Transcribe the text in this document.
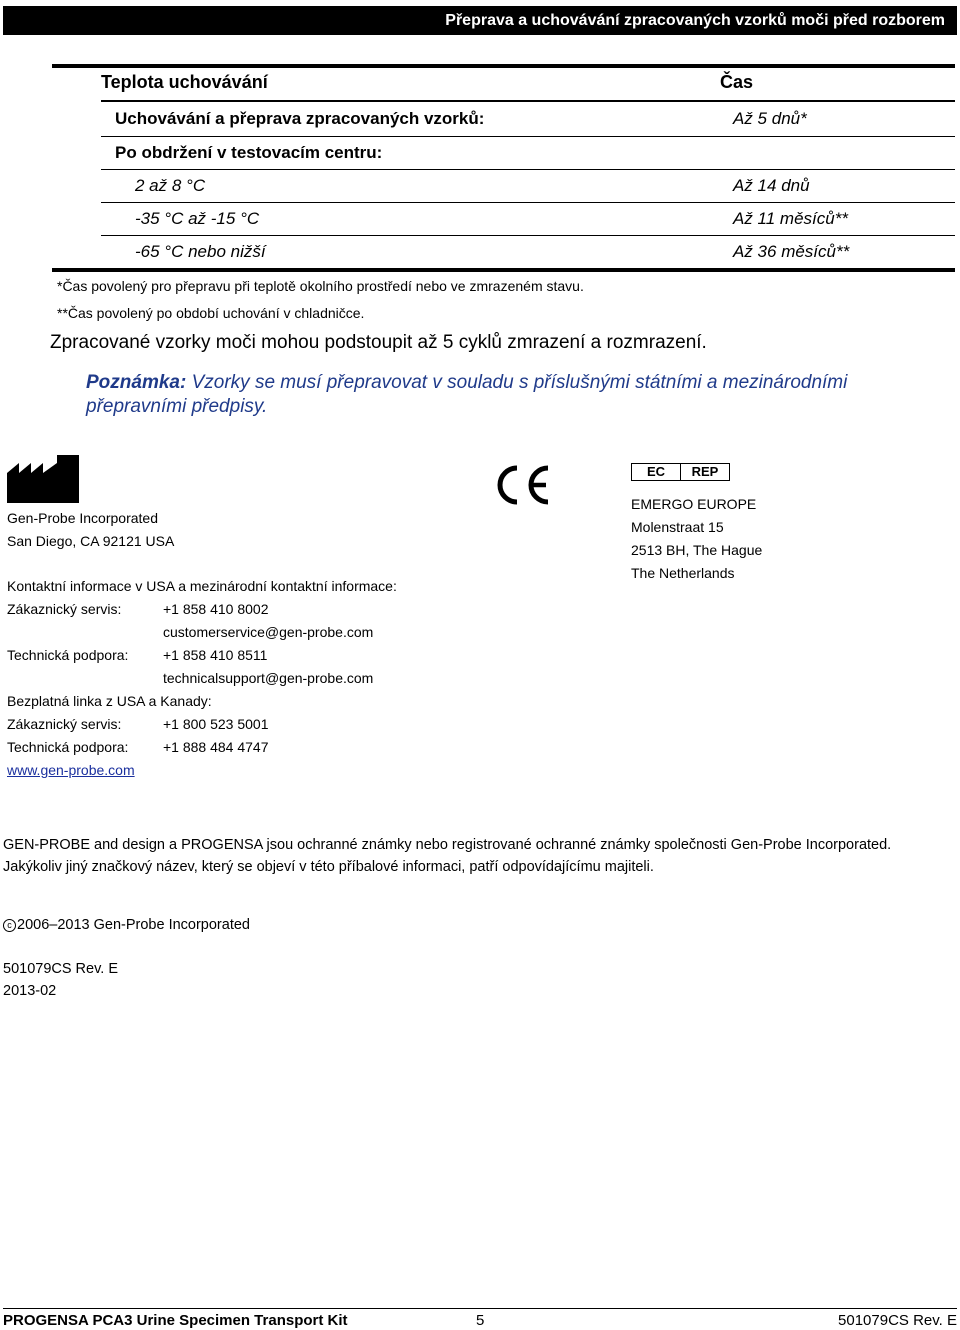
Přeprava a uchovávání zpracovaných vzorků moči před rozborem
Teplota uchovávání	Čas
Uchovávání a přeprava zpracovaných vzorků:	Až 5 dnů*
Po obdržení v testovacím centru:
2 až 8 °C	Až 14 dnů
-35 °C až -15 °C	Až 11 měsíců**
-65 °C nebo nižší	Až 36 měsíců**
*Čas povolený pro přepravu při teplotě okolního prostředí nebo ve zmrazeném stavu.
**Čas povolený po období uchování v chladničce.
Zpracované vzorky moči mohou podstoupit až 5 cyklů zmrazení a rozmrazení.
Poznámka: Vzorky se musí přepravovat v souladu s příslušnými státními a mezinárodními přepravními předpisy.
Gen-Probe Incorporated
San Diego, CA 92121 USA
Kontaktní informace v USA a mezinárodní kontaktní informace:
Zákaznický servis:	+1 858 410 8002
customerservice@gen-probe.com
Technická podpora: +1 858 410 8511
technicalsupport@gen-probe.com
Bezplatná linka z USA a Kanady:
Zákaznický servis:	+1 800 523 5001
Technická podpora: +1 888 484 4747
www.gen-probe.com
EC	REP
EMERGO EUROPE
Molenstraat 15
2513 BH, The Hague
The Netherlands
GEN-PROBE and design a PROGENSA jsou ochranné známky nebo registrované ochranné známky společnosti Gen-Probe Incorporated.
Jakýkoliv jiný značkový název, který se objeví v této příbalové informaci, patří odpovídajícímu majiteli.
c 2006–2013 Gen-Probe Incorporated
501079CS Rev. E
2013-02
PROGENSA PCA3 Urine Specimen Transport Kit	5	501079CS Rev. E
